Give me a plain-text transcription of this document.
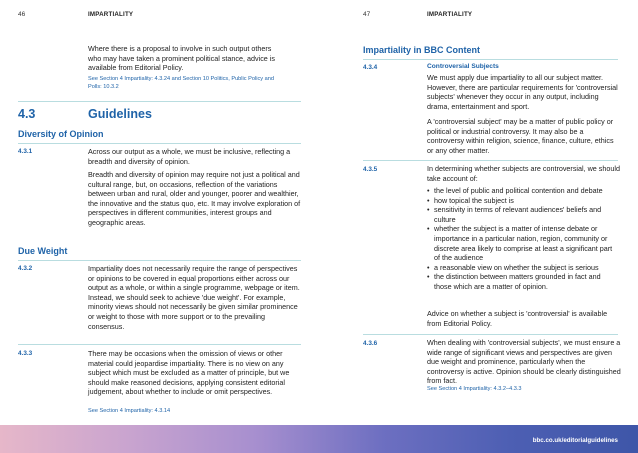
46	IMPARTIALITY
Where there is a proposal to involve in such output others who may have taken a prominent political stance, advice is available from Editorial Policy.
See Section 4 Impartiality: 4.3.24 and Section 10 Politics, Public Policy and Polls: 10.3.2
4.3	Guidelines
Diversity of Opinion
4.3.1	Across our output as a whole, we must be inclusive, reflecting a breadth and diversity of opinion.
Breadth and diversity of opinion may require not just a political and cultural range, but, on occasions, reflection of the variations between urban and rural, older and younger, poorer and wealthier, the innovative and the status quo, etc. It may involve exploration of perspectives in different communities, interest groups and geographic areas.
Due Weight
4.3.2	Impartiality does not necessarily require the range of perspectives or opinions to be covered in equal proportions either across our output as a whole, or within a single programme, webpage or item. Instead, we should seek to achieve 'due weight'. For example, minority views should not necessarily be given similar prominence or weight to those with more support or to the prevailing consensus.
4.3.3	There may be occasions when the omission of views or other material could jeopardise impartiality. There is no view on any subject which must be excluded as a matter of principle, but we should make reasoned decisions, applying consistent editorial judgement, about whether to include or omit perspectives.
See Section 4 Impartiality: 4.3.14
47	IMPARTIALITY
Impartiality in BBC Content
4.3.4	Controversial Subjects
We must apply due impartiality to all our subject matter. However, there are particular requirements for 'controversial subjects' whenever they occur in any output, including drama, entertainment and sport.
A 'controversial subject' may be a matter of public policy or political or industrial controversy. It may also be a controversy within religion, science, finance, culture, ethics or any other matter.
4.3.5	In determining whether subjects are controversial, we should take account of:
• the level of public and political contention and debate
• how topical the subject is
• sensitivity in terms of relevant audiences' beliefs and culture
• whether the subject is a matter of intense debate or importance in a particular nation, region, community or discrete area likely to comprise at least a significant part of the audience
• a reasonable view on whether the subject is serious
• the distinction between matters grounded in fact and those which are a matter of opinion.
Advice on whether a subject is 'controversial' is available from Editorial Policy.
4.3.6	When dealing with 'controversial subjects', we must ensure a wide range of significant views and perspectives are given due weight and prominence, particularly when the controversy is active. Opinion should be clearly distinguished from fact.
See Section 4 Impartiality: 4.3.2–4.3.3
bbc.co.uk/editorialguidelines
